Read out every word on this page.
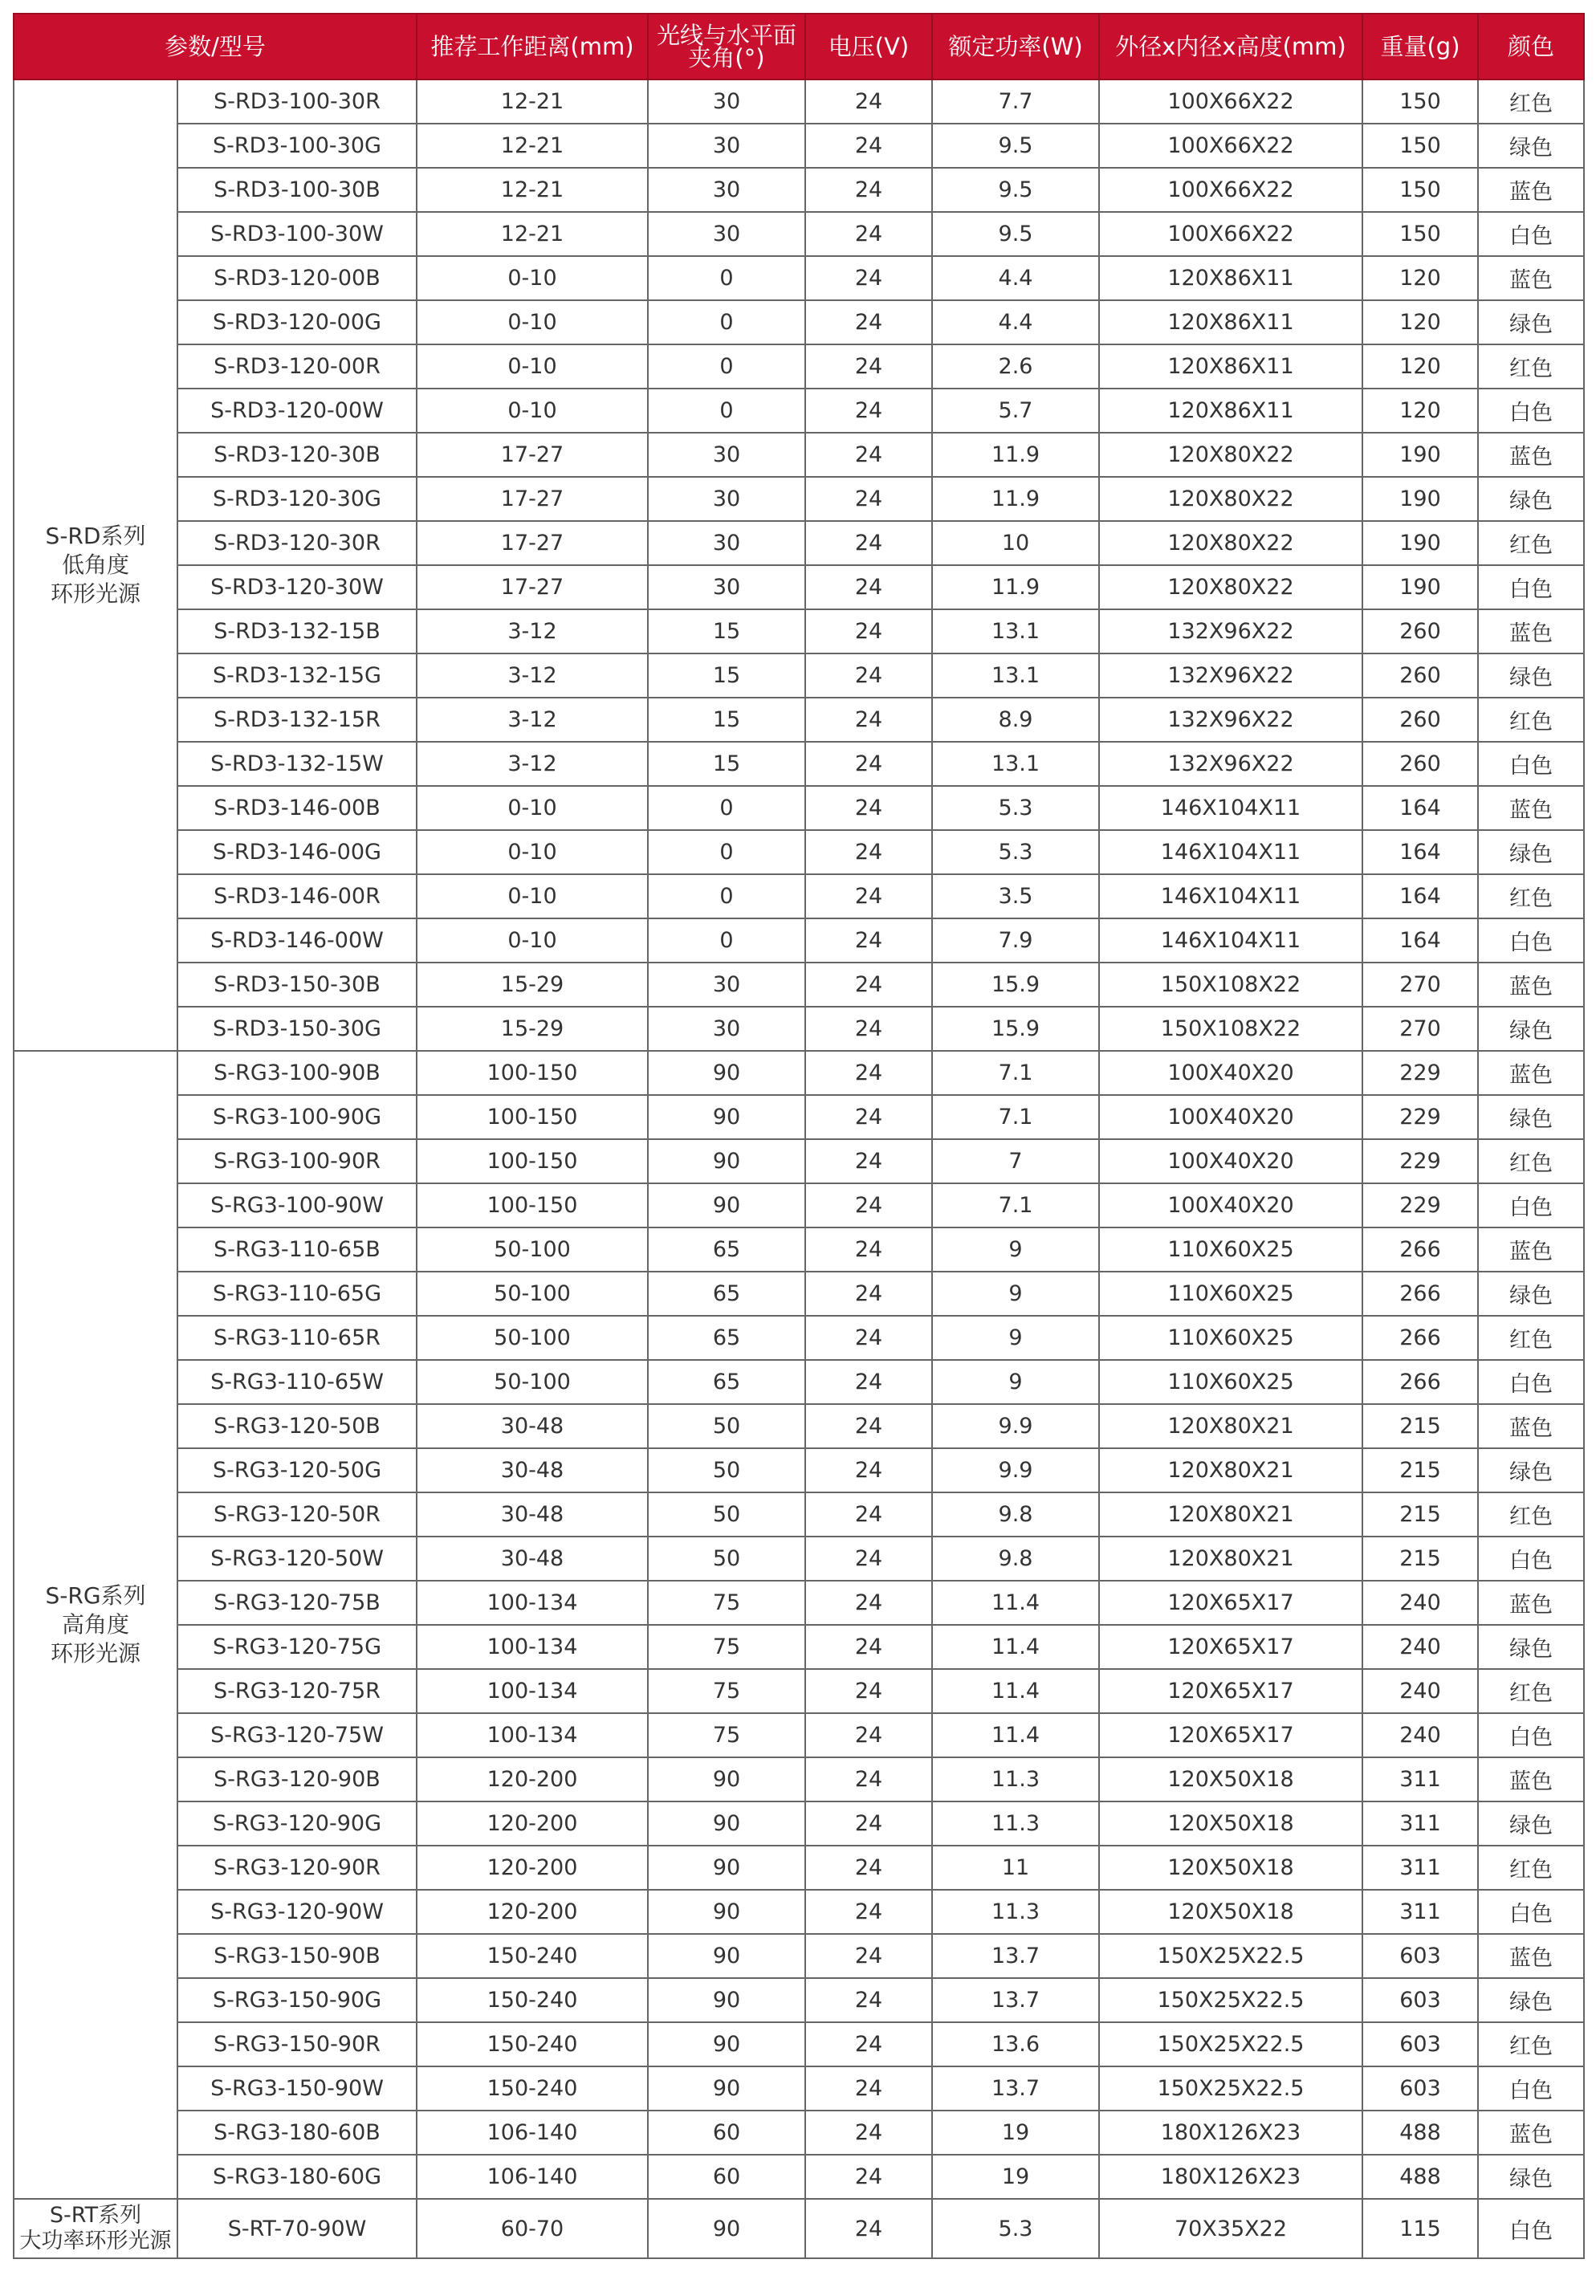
参数/型号		推荐工作距离(mm)	光线与水平面夹角(°)	电压(V)	额定功率(W)	外径x内径x高度(mm)	重量(g)	颜色

S-RD系列
低角度
环形光源	S-RD3-100-30R	12-21	30	24	7.7	100X66X22	150	红色
	S-RD3-100-30G	12-21	30	24	9.5	100X66X22	150	绿色
	S-RD3-100-30B	12-21	30	24	9.5	100X66X22	150	蓝色
	S-RD3-100-30W	12-21	30	24	9.5	100X66X22	150	白色
	S-RD3-120-00B	0-10	0	24	4.4	120X86X11	120	蓝色
	S-RD3-120-00G	0-10	0	24	4.4	120X86X11	120	绿色
	S-RD3-120-00R	0-10	0	24	2.6	120X86X11	120	红色
	S-RD3-120-00W	0-10	0	24	5.7	120X86X11	120	白色
	S-RD3-120-30B	17-27	30	24	11.9	120X80X22	190	蓝色
	S-RD3-120-30G	17-27	30	24	11.9	120X80X22	190	绿色
	S-RD3-120-30R	17-27	30	24	10	120X80X22	190	红色
	S-RD3-120-30W	17-27	30	24	11.9	120X80X22	190	白色
	S-RD3-132-15B	3-12	15	24	13.1	132X96X22	260	蓝色
	S-RD3-132-15G	3-12	15	24	13.1	132X96X22	260	绿色
	S-RD3-132-15R	3-12	15	24	8.9	132X96X22	260	红色
	S-RD3-132-15W	3-12	15	24	13.1	132X96X22	260	白色
	S-RD3-146-00B	0-10	0	24	5.3	146X104X11	164	蓝色
	S-RD3-146-00G	0-10	0	24	5.3	146X104X11	164	绿色
	S-RD3-146-00R	0-10	0	24	3.5	146X104X11	164	红色
	S-RD3-146-00W	0-10	0	24	7.9	146X104X11	164	白色
	S-RD3-150-30B	15-29	30	24	15.9	150X108X22	270	蓝色
	S-RD3-150-30G	15-29	30	24	15.9	150X108X22	270	绿色

S-RG系列
高角度
环形光源	S-RG3-100-90B	100-150	90	24	7.1	100X40X20	229	蓝色
	S-RG3-100-90G	100-150	90	24	7.1	100X40X20	229	绿色
	S-RG3-100-90R	100-150	90	24	7	100X40X20	229	红色
	S-RG3-100-90W	100-150	90	24	7.1	100X40X20	229	白色
	S-RG3-110-65B	50-100	65	24	9	110X60X25	266	蓝色
	S-RG3-110-65G	50-100	65	24	9	110X60X25	266	绿色
	S-RG3-110-65R	50-100	65	24	9	110X60X25	266	红色
	S-RG3-110-65W	50-100	65	24	9	110X60X25	266	白色
	S-RG3-120-50B	30-48	50	24	9.9	120X80X21	215	蓝色
	S-RG3-120-50G	30-48	50	24	9.9	120X80X21	215	绿色
	S-RG3-120-50R	30-48	50	24	9.8	120X80X21	215	红色
	S-RG3-120-50W	30-48	50	24	9.8	120X80X21	215	白色
	S-RG3-120-75B	100-134	75	24	11.4	120X65X17	240	蓝色
	S-RG3-120-75G	100-134	75	24	11.4	120X65X17	240	绿色
	S-RG3-120-75R	100-134	75	24	11.4	120X65X17	240	红色
	S-RG3-120-75W	100-134	75	24	11.4	120X65X17	240	白色
	S-RG3-120-90B	120-200	90	24	11.3	120X50X18	311	蓝色
	S-RG3-120-90G	120-200	90	24	11.3	120X50X18	311	绿色
	S-RG3-120-90R	120-200	90	24	11	120X50X18	311	红色
	S-RG3-120-90W	120-200	90	24	11.3	120X50X18	311	白色
	S-RG3-150-90B	150-240	90	24	13.7	150X25X22.5	603	蓝色
	S-RG3-150-90G	150-240	90	24	13.7	150X25X22.5	603	绿色
	S-RG3-150-90R	150-240	90	24	13.6	150X25X22.5	603	红色
	S-RG3-150-90W	150-240	90	24	13.7	150X25X22.5	603	白色
	S-RG3-180-60B	106-140	60	24	19	180X126X23	488	蓝色
	S-RG3-180-60G	106-140	60	24	19	180X126X23	488	绿色

S-RT系列
大功率环形光源	S-RT-70-90W	60-70	90	24	5.3	70X35X22	115	白色
